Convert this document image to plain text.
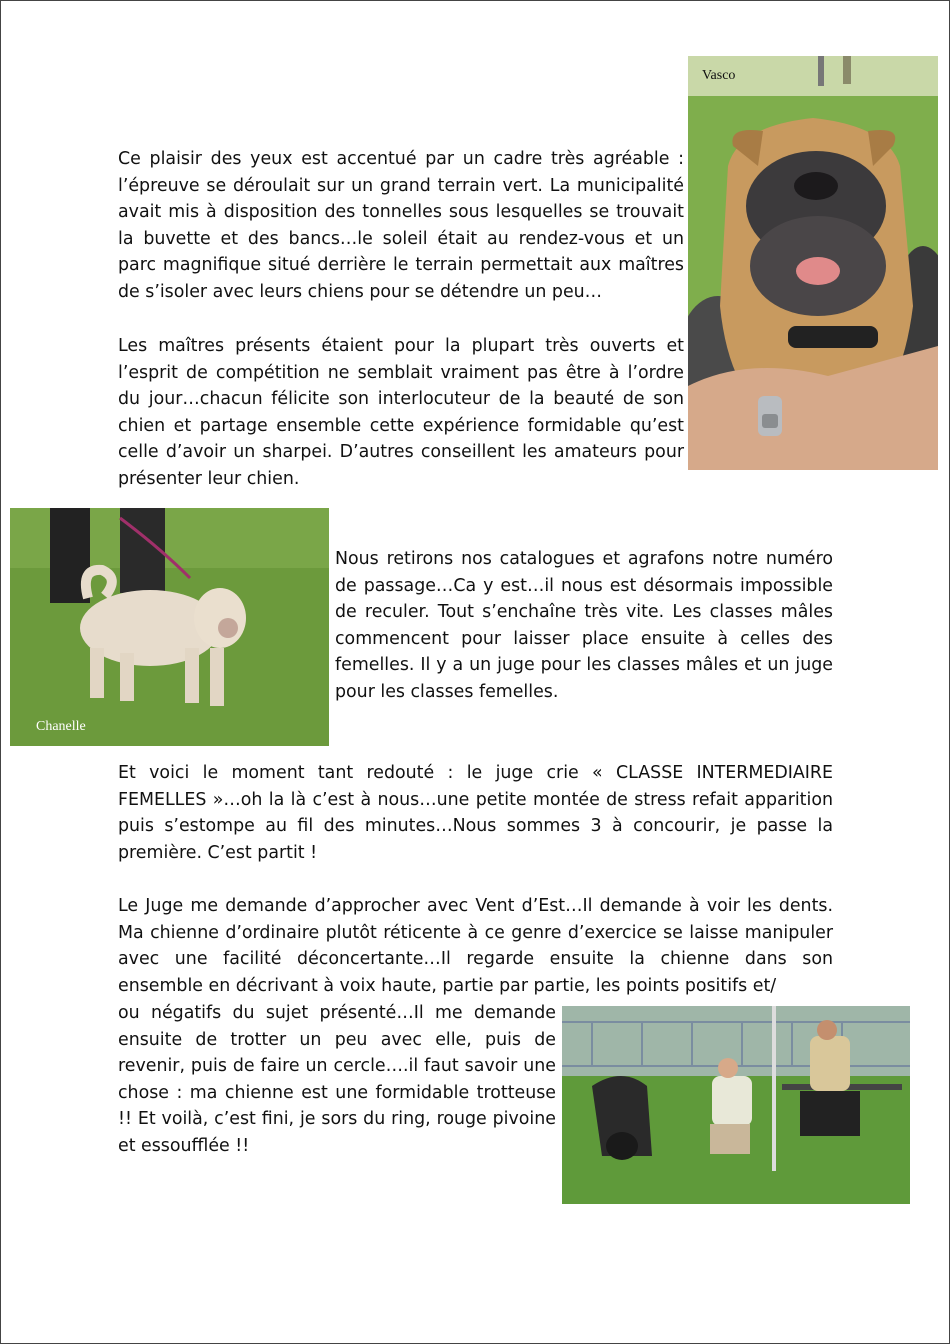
Vasco

Ce plaisir des yeux est accentué par un cadre très agréable : l’épreuve se déroulait sur un grand terrain vert. La municipalité avait mis à disposition des tonnelles sous lesquelles se trouvait la buvette et des bancs…le soleil était au rendez-vous et un parc magnifique situé derrière le terrain permettait aux maîtres de s’isoler avec leurs chiens pour se détendre un peu…

Les maîtres présents étaient pour la plupart très ouverts et l’esprit de compétition ne semblait vraiment pas être à l’ordre du jour…chacun félicite son interlocuteur de la beauté de son chien et partage ensemble cette expérience formidable qu’est celle d’avoir un sharpei. D’autres conseillent les amateurs pour présenter leur chien.

Chanelle

Nous retirons nos catalogues et agrafons notre numéro de passage…Ca y est…il nous est désormais impossible de reculer. Tout s’enchaîne très vite. Les classes mâles commencent pour laisser place ensuite à celles des femelles. Il y a un juge pour les classes mâles et un juge pour les classes femelles.

Et voici le moment tant redouté : le juge crie « CLASSE INTERMEDIAIRE FEMELLES »…oh la là c’est à nous…une petite montée de stress refait apparition puis s’estompe au fil des minutes…Nous sommes 3 à concourir, je passe la première. C’est partit !

Le Juge me demande d’approcher avec Vent d’Est…Il demande à voir les dents. Ma chienne d’ordinaire plutôt réticente à ce genre d’exercice se laisse manipuler avec une facilité déconcertante…Il regarde ensuite la chienne dans son ensemble en décrivant à voix haute, partie par partie, les points positifs et/

ou négatifs du sujet présenté…Il me demande ensuite de trotter un peu avec elle, puis de revenir, puis de faire un cercle….il faut savoir une chose : ma chienne est une formidable trotteuse !! Et voilà, c’est fini, je sors du ring, rouge pivoine et essoufflée !!
